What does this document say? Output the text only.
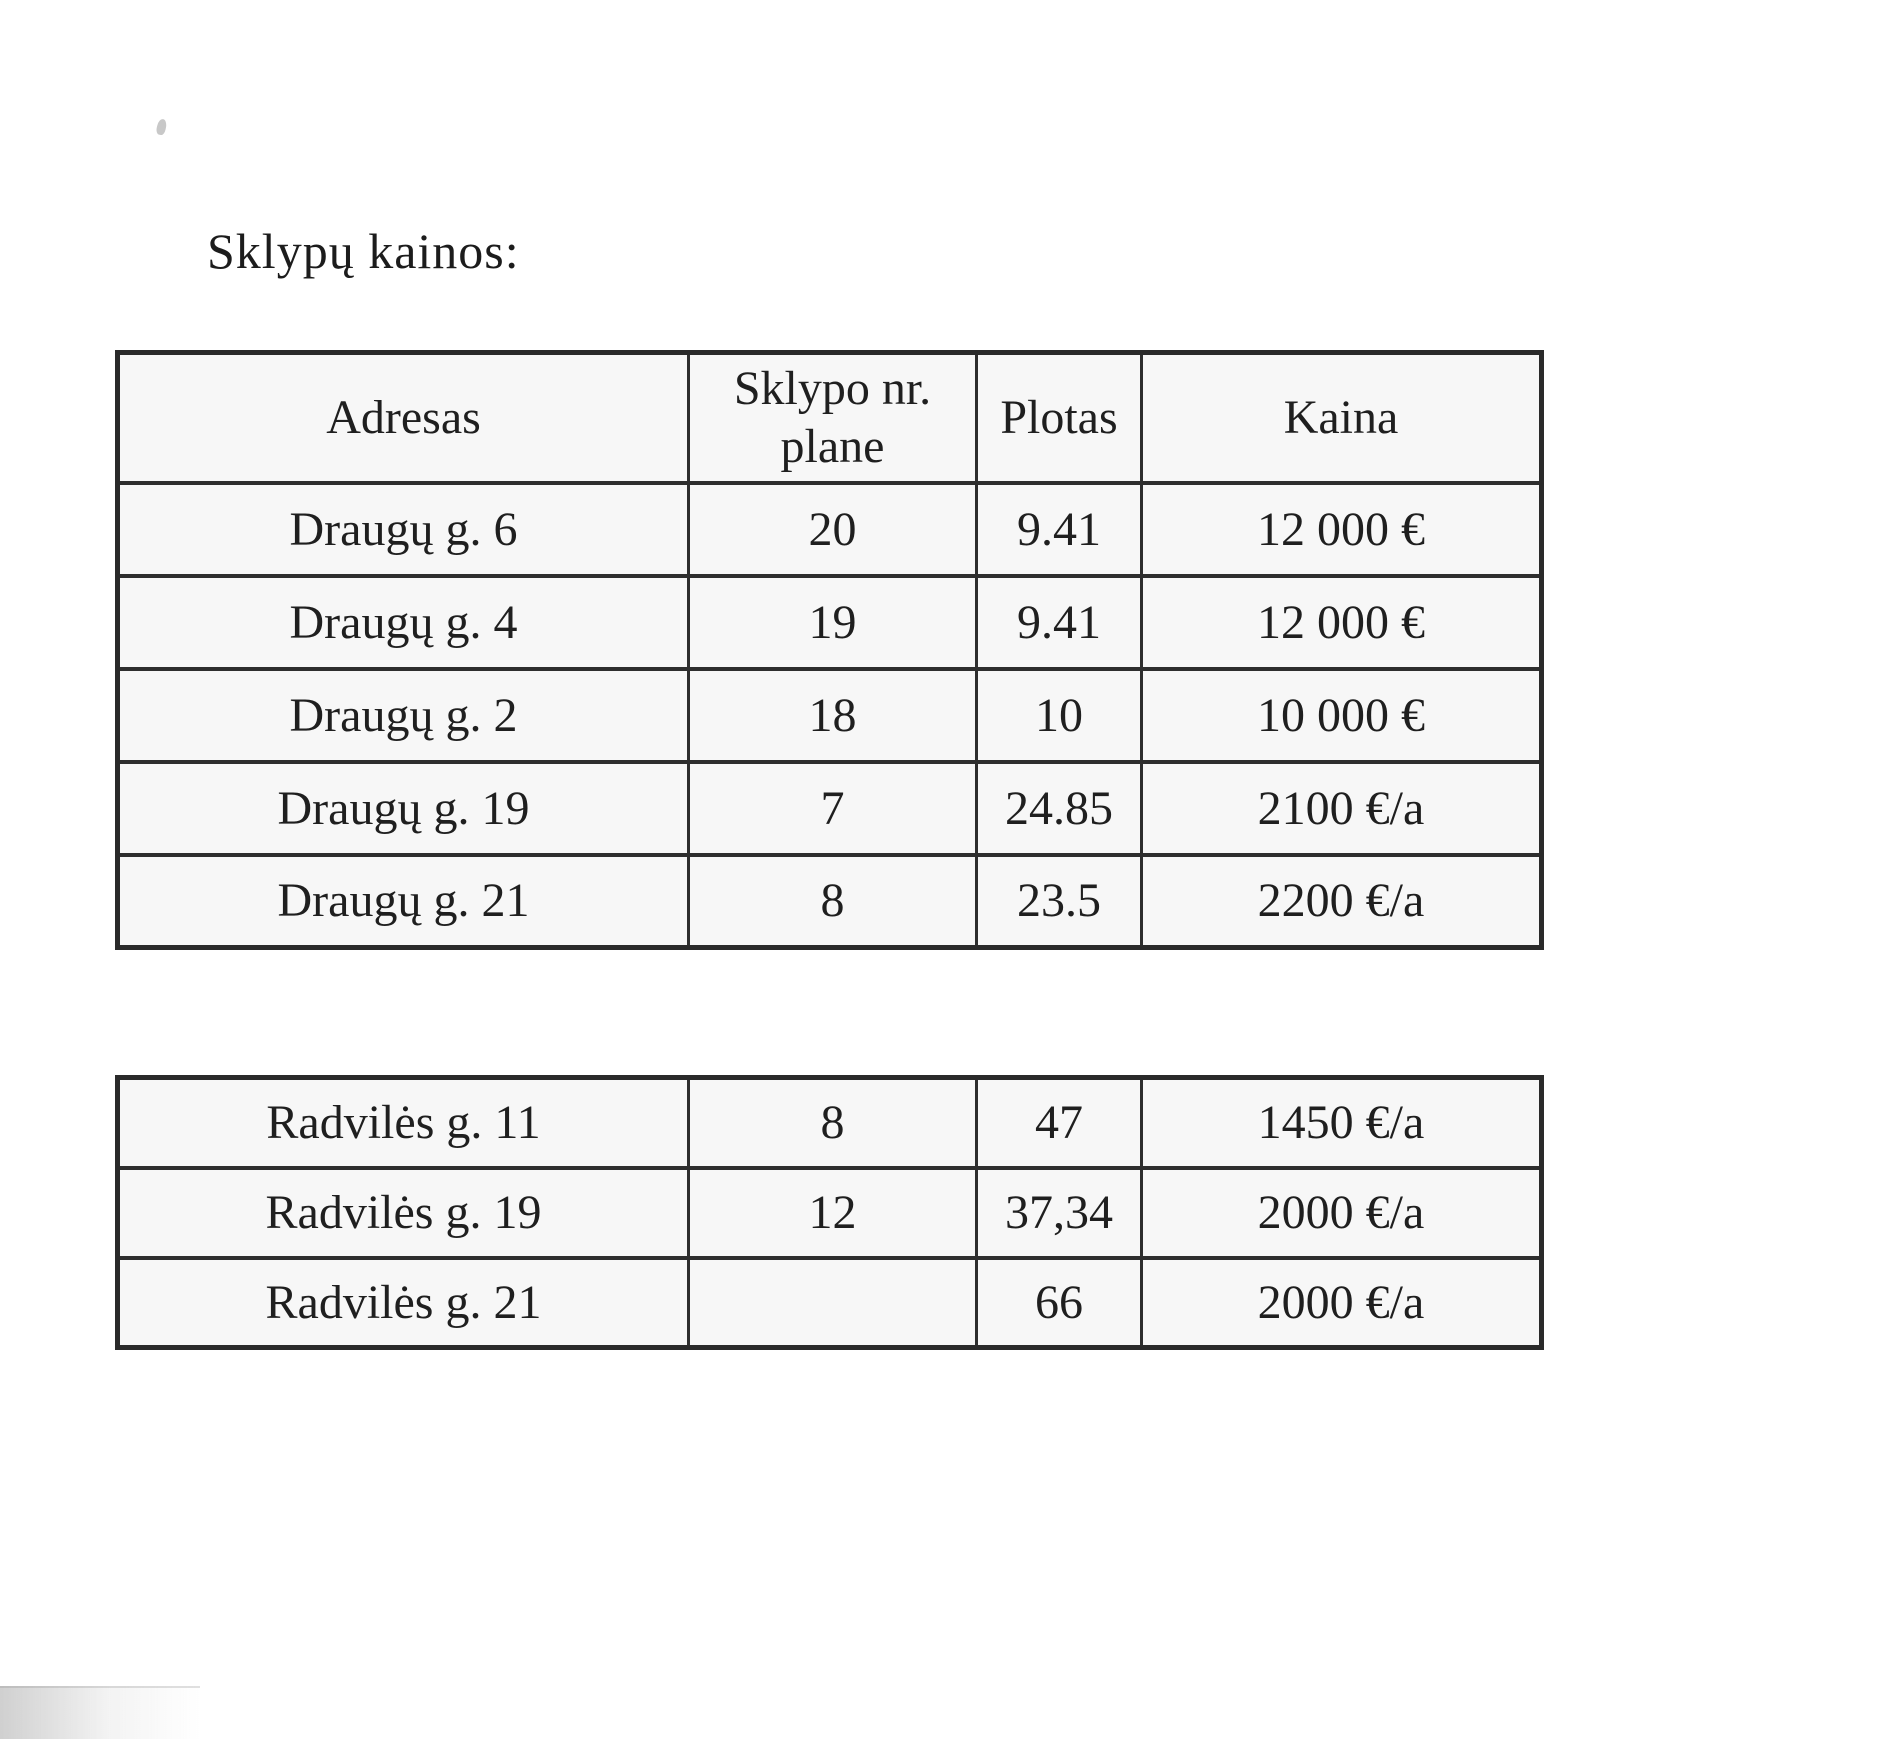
Sklypų kainos:
Adresas	Sklypo nr. plane	Plotas	Kaina
Draugų g. 6	20	9.41	12 000 €
Draugų g. 4	19	9.41	12 000 €
Draugų g. 2	18	10	10 000 €
Draugų g. 19	7	24.85	2100 €/a
Draugų g. 21	8	23.5	2200 €/a
Radvilės g. 11	8	47	1450 €/a
Radvilės g. 19	12	37,34	2000 €/a
Radvilės g. 21		66	2000 €/a
